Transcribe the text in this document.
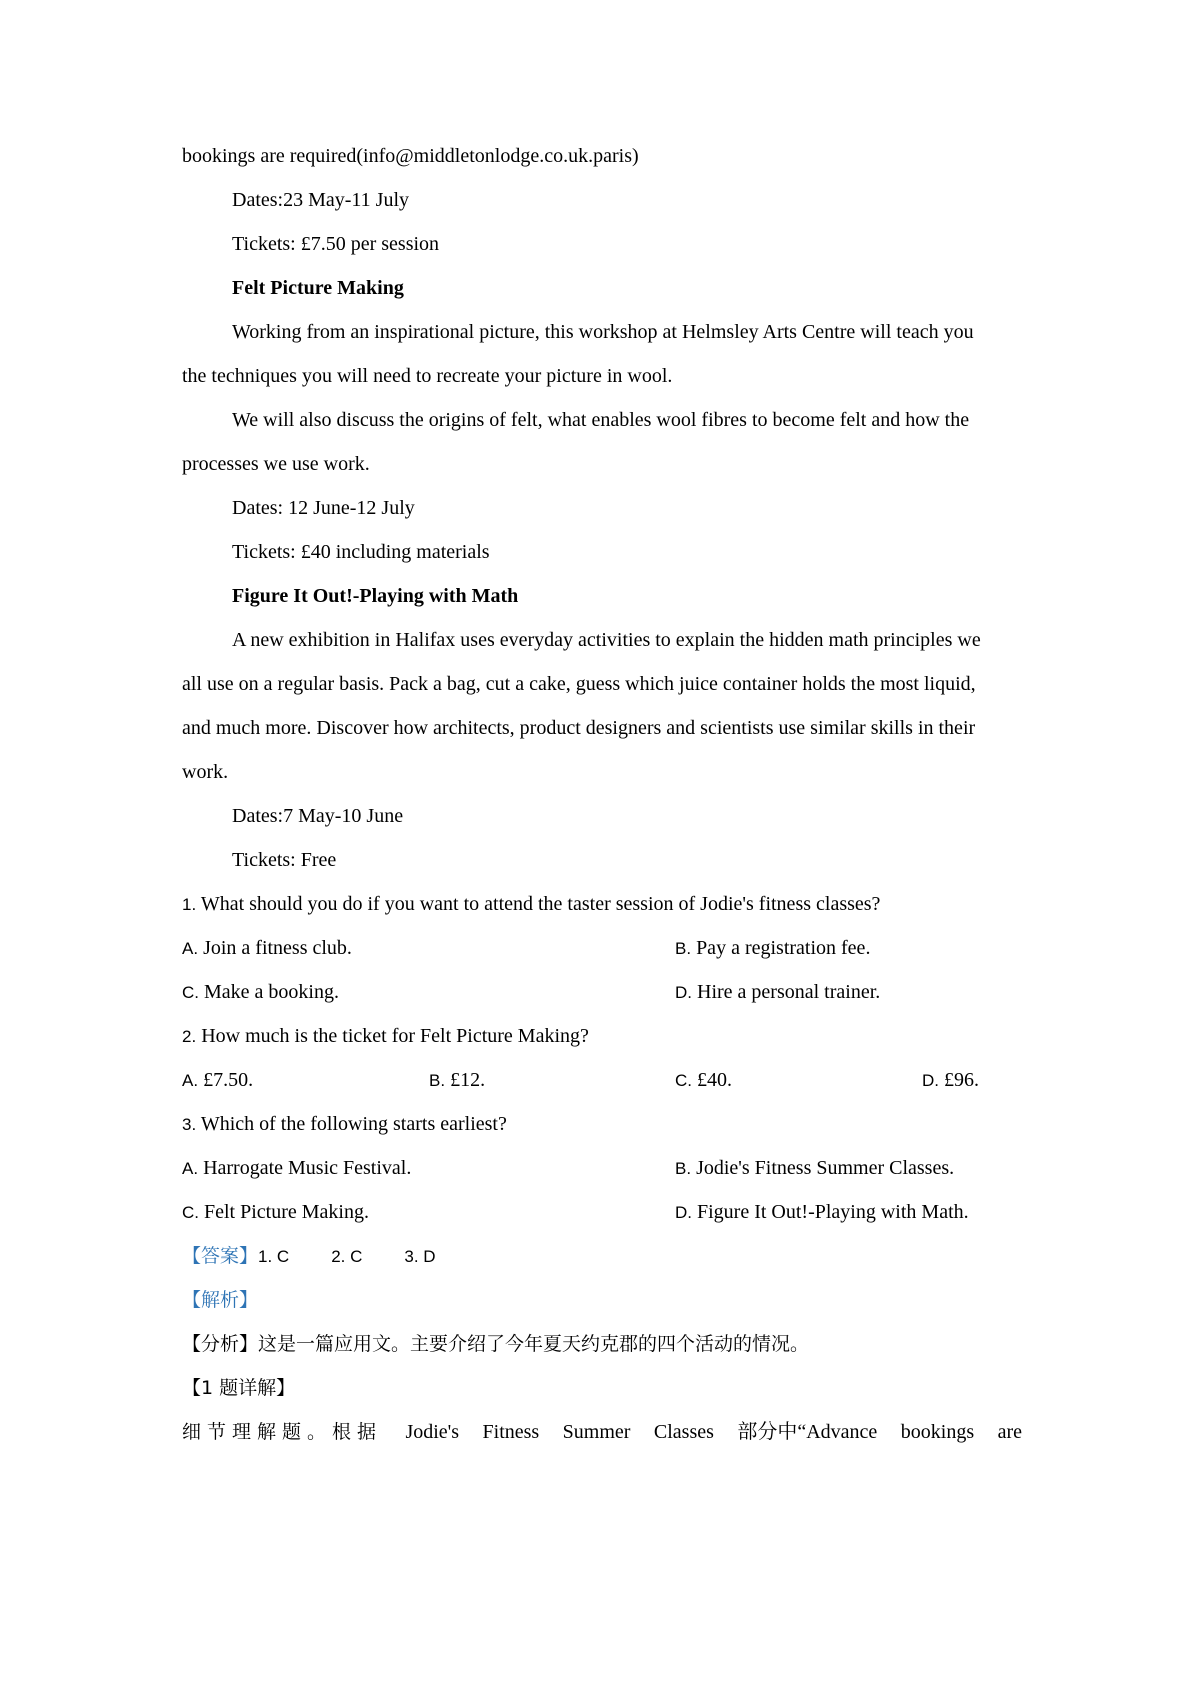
bookings are required(info@middletonlodge.co.uk.paris)
Dates:23 May-11 July
Tickets: £7.50 per session
Felt Picture Making
Working from an inspirational picture, this workshop at Helmsley Arts Centre will teach you
the techniques you will need to recreate your picture in wool.
We will also discuss the origins of felt, what enables wool fibres to become felt and how the
processes we use work.
Dates: 12 June-12 July
Tickets: £40 including materials
Figure It Out!-Playing with Math
A new exhibition in Halifax uses everyday activities to explain the hidden math principles we
all use on a regular basis. Pack a bag, cut a cake, guess which juice container holds the most liquid,
and much more. Discover how architects, product designers and scientists use similar skills in their
work.
Dates:7 May-10 June
Tickets: Free
1. What should you do if you want to attend the taster session of Jodie's fitness classes?
A. Join a fitness club.	B. Pay a registration fee.
C. Make a booking.	D. Hire a personal trainer.
2. How much is the ticket for Felt Picture Making?
A. £7.50.	B. £12.	C. £40.	D. £96.
3. Which of the following starts earliest?
A. Harrogate Music Festival.	B. Jodie's Fitness Summer Classes.
C. Felt Picture Making.	D. Figure It Out!-Playing with Math.
【答案】1. C 2. C 3. D
【解析】
【分析】这是一篇应用文。主要介绍了今年夏天约克郡的四个活动的情况。
【1 题详解】
细节理解题。根据 Jodie's Fitness Summer Classes 部分中“Advance bookings are
